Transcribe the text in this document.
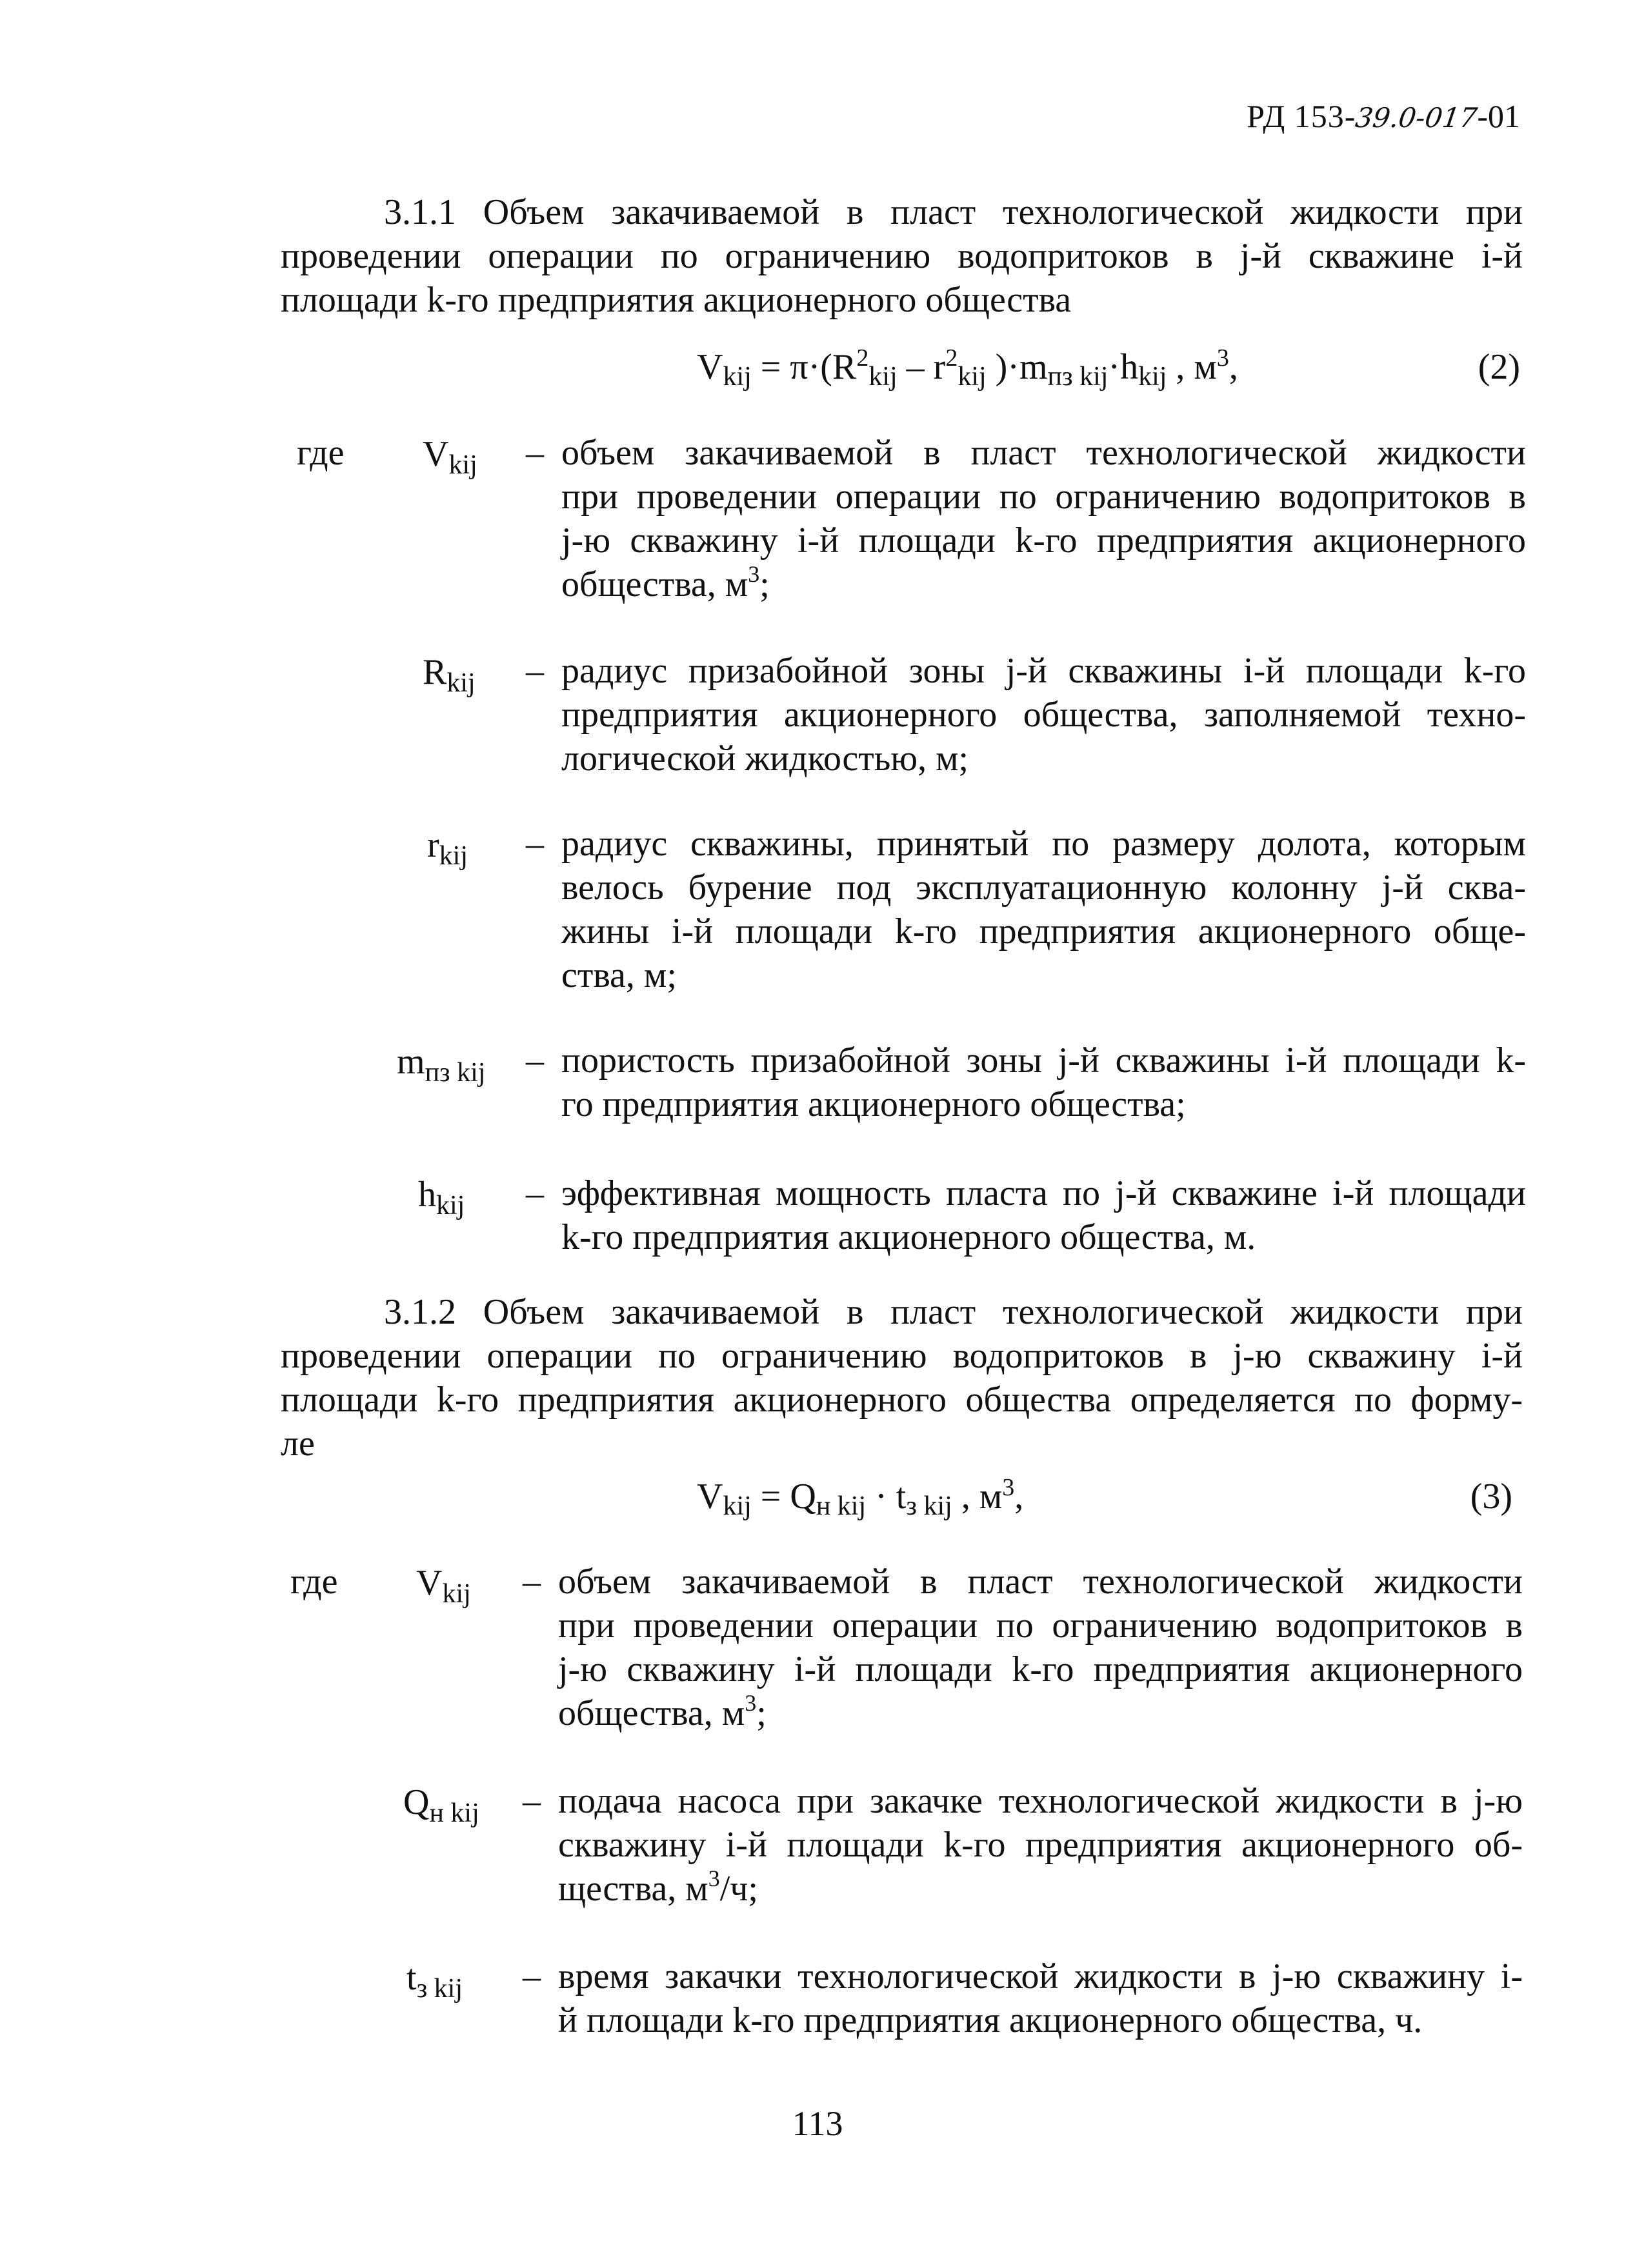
РД 153-39.0-017-01
3.1.1 Объем закачиваемой в пласт технологической жидкости при
проведении операции по ограничению водопритоков в j-й скважине i-й
площади k-го предприятия акционерного общества
$V_{kij} = \pi\cdot(R^2_{kij} - r^2_{kij}$ )$\cdot m_{пз kij}\cdot h_{kij}$ , $м^3$,	(2)
где $V_{kij}$ – объем закачиваемой в пласт технологической жидкости
при проведении операции по ограничению водопритоков в
j-ю скважину i-й площади k-го предприятия акционерного
общества, $м^3$;
$R_{kij}$ – радиус призабойной зоны j-й скважины i-й площади k-го
предприятия акционерного общества, заполняемой техно-
логической жидкостью, м;
$r_{kij}$ – радиус скважины, принятый по размеру долота, которым
велось бурение под эксплуатационную колонну j-й сква-
жины i-й площади k-го предприятия акционерного обще-
ства, м;
$m_{пз kij}$ – пористость призабойной зоны j-й скважины i-й площади k-
го предприятия акционерного общества;
$h_{kij}$ – эффективная мощность пласта по j-й скважине i-й площади
k-го предприятия акционерного общества, м.
3.1.2 Объем закачиваемой в пласт технологической жидкости при
проведении операции по ограничению водопритоков в j-ю скважину i-й
площади k-го предприятия акционерного общества определяется по форму-
ле
$V_{kij} = Q_{н kij} \cdot t_{з kij}$ , $м^3$,	(3)
где $V_{kij}$ – объем закачиваемой в пласт технологической жидкости
при проведении операции по ограничению водопритоков в
j-ю скважину i-й площади k-го предприятия акционерного
общества, $м^3$;
$Q_{н kij}$ – подача насоса при закачке технологической жидкости в j-ю
скважину i-й площади k-го предприятия акционерного об-
щества, $м^3/ч$;
$t_{з kij}$ – время закачки технологической жидкости в j-ю скважину i-
й площади k-го предприятия акционерного общества, ч.
113
